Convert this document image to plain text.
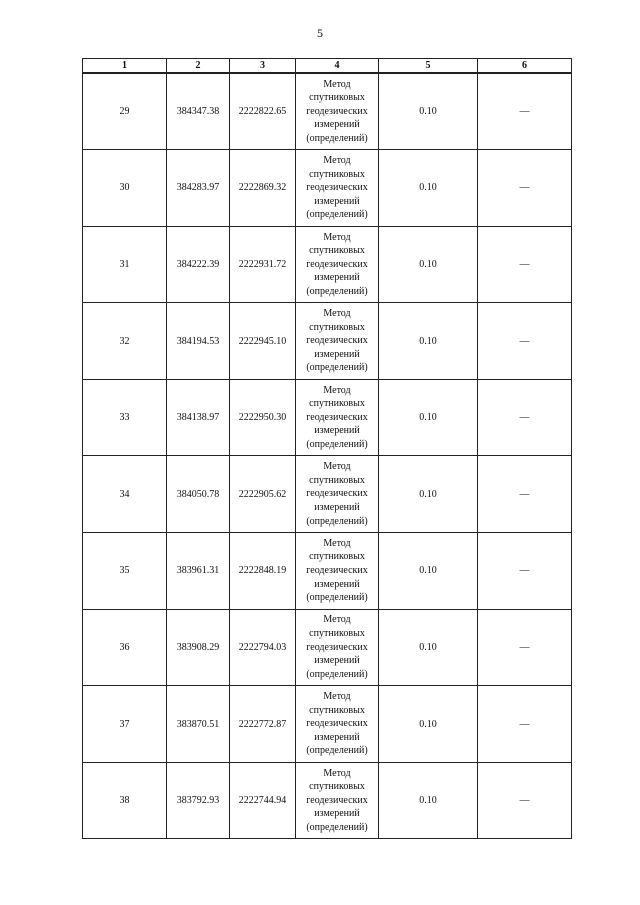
5
1	2	3	4	5	6
29	384347.38	2222822.65	Метод
спутниковых
геодезических
измерений
(определений)	0.10	—
30	384283.97	2222869.32	Метод
спутниковых
геодезических
измерений
(определений)	0.10	—
31	384222.39	2222931.72	Метод
спутниковых
геодезических
измерений
(определений)	0.10	—
32	384194.53	2222945.10	Метод
спутниковых
геодезических
измерений
(определений)	0.10	—
33	384138.97	2222950.30	Метод
спутниковых
геодезических
измерений
(определений)	0.10	—
34	384050.78	2222905.62	Метод
спутниковых
геодезических
измерений
(определений)	0.10	—
35	383961.31	2222848.19	Метод
спутниковых
геодезических
измерений
(определений)	0.10	—
36	383908.29	2222794.03	Метод
спутниковых
геодезических
измерений
(определений)	0.10	—
37	383870.51	2222772.87	Метод
спутниковых
геодезических
измерений
(определений)	0.10	—
38	383792.93	2222744.94	Метод
спутниковых
геодезических
измерений
(определений)	0.10	—
